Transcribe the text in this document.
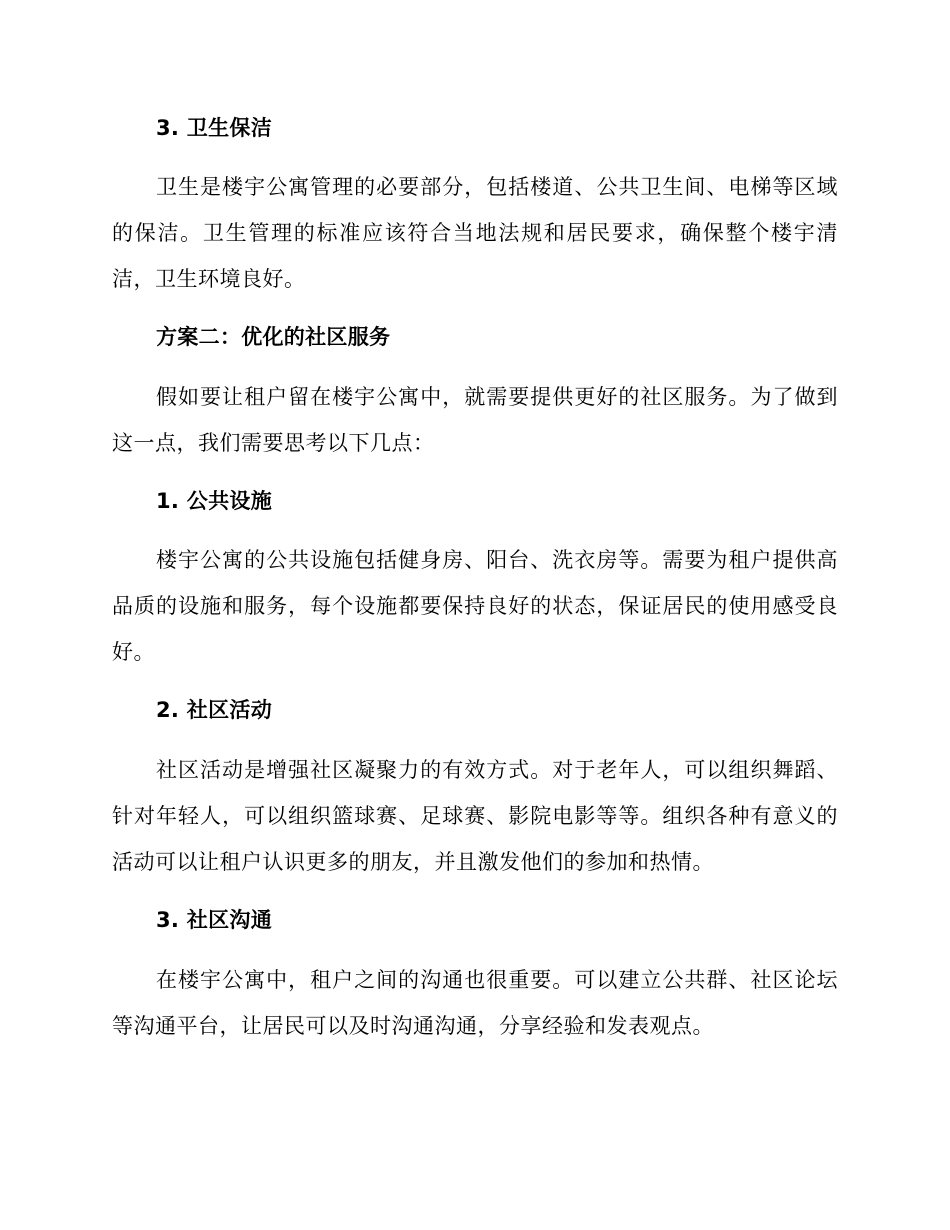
3. 卫生保洁

卫生是楼宇公寓管理的必要部分，包括楼道、公共卫生间、电梯等区域的保洁。卫生管理的标准应该符合当地法规和居民要求，确保整个楼宇清洁，卫生环境良好。

方案二：优化的社区服务

假如要让租户留在楼宇公寓中，就需要提供更好的社区服务。为了做到这一点，我们需要思考以下几点：

1. 公共设施

楼宇公寓的公共设施包括健身房、阳台、洗衣房等。需要为租户提供高品质的设施和服务，每个设施都要保持良好的状态，保证居民的使用感受良好。

2. 社区活动

社区活动是增强社区凝聚力的有效方式。对于老年人，可以组织舞蹈、针对年轻人，可以组织篮球赛、足球赛、影院电影等等。组织各种有意义的活动可以让租户认识更多的朋友，并且激发他们的参加和热情。

3. 社区沟通

在楼宇公寓中，租户之间的沟通也很重要。可以建立公共群、社区论坛等沟通平台，让居民可以及时沟通沟通，分享经验和发表观点。
